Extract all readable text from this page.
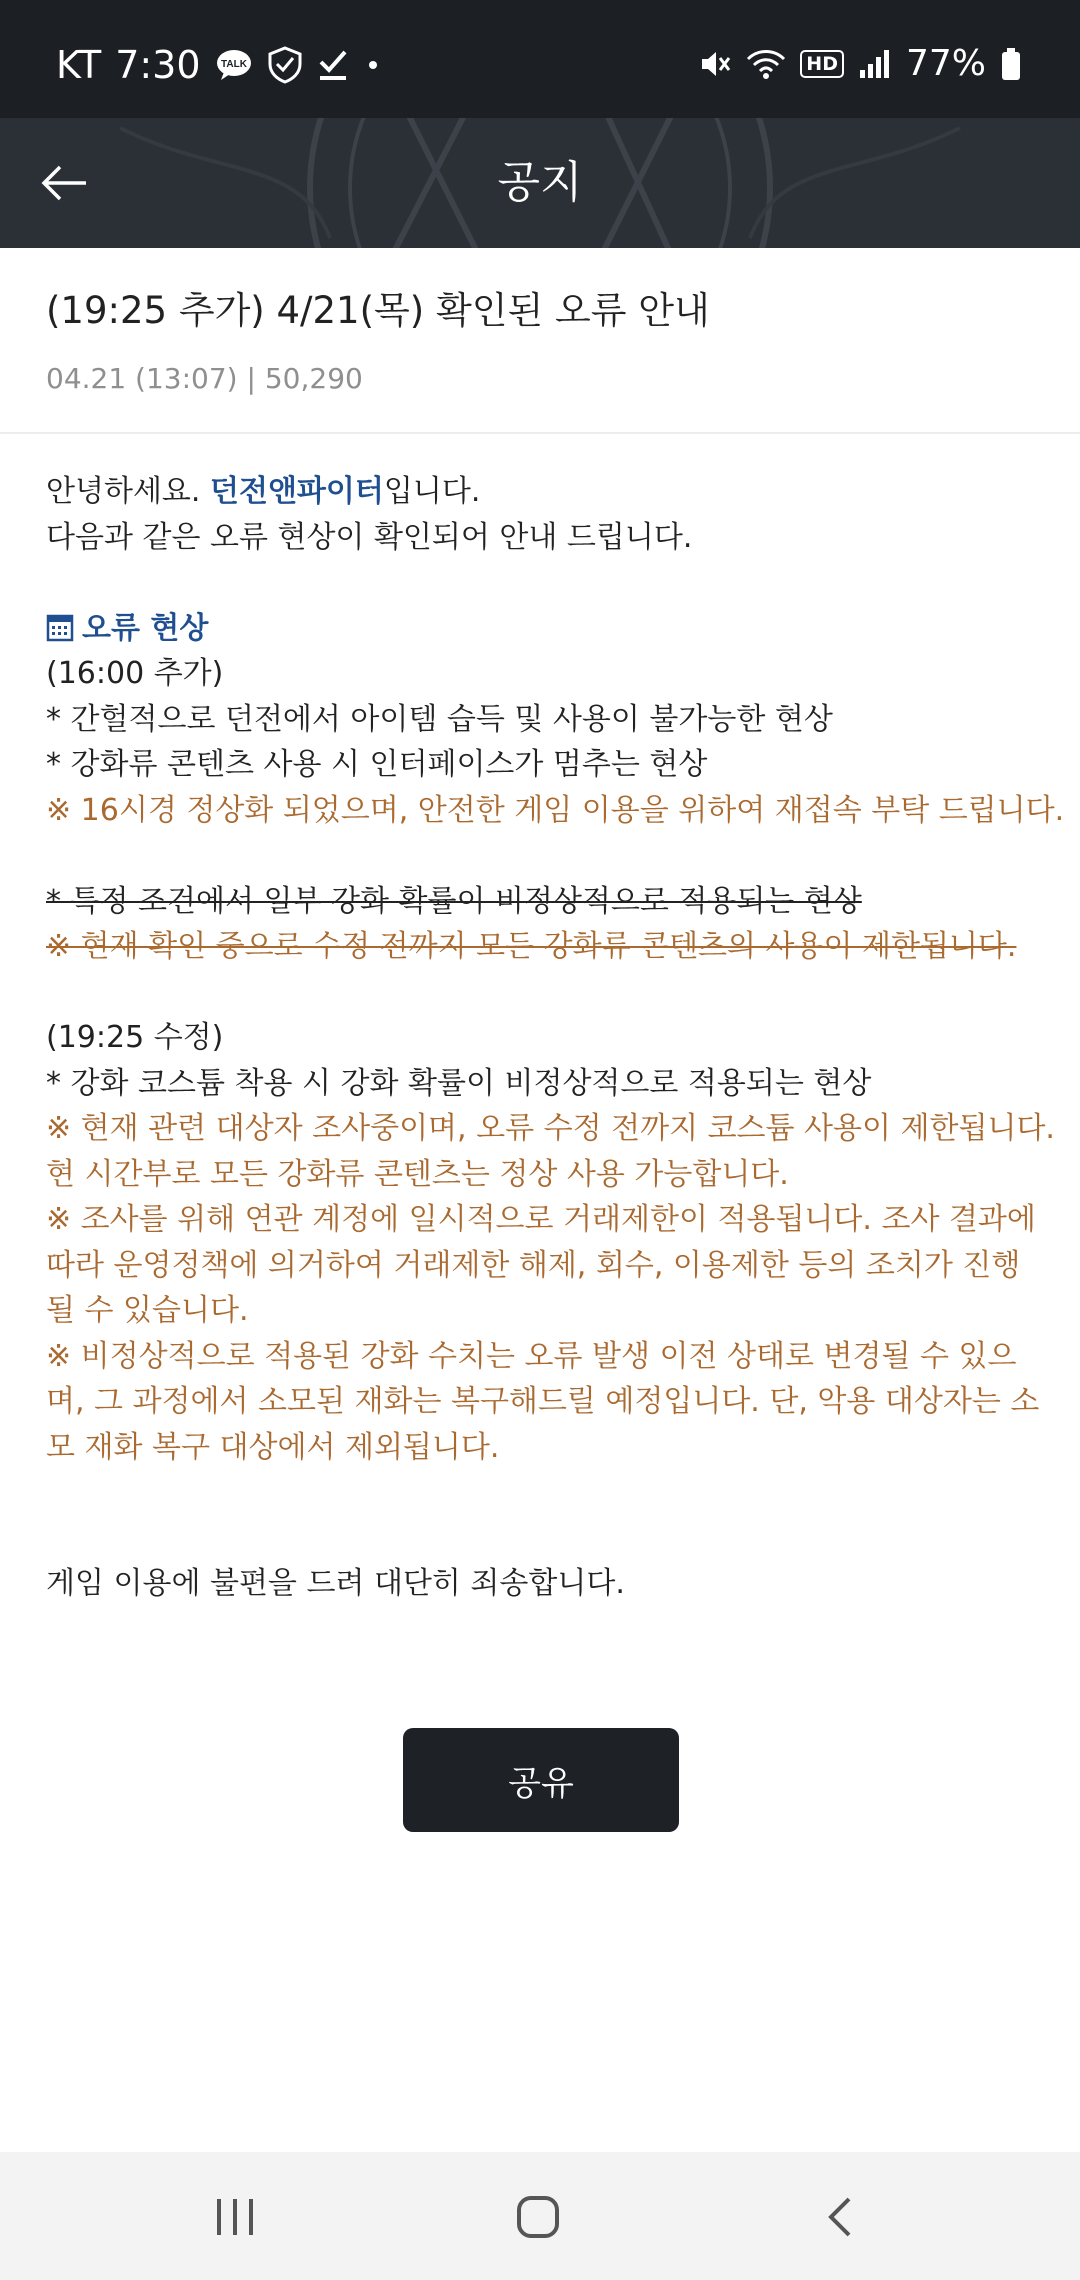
KT 7:30 TALK	HD 77%
공지
(19:25 추가) 4/21(목) 확인된 오류 안내
04.21 (13:07) | 50,290
안녕하세요. 던전앤파이터입니다.
다음과 같은 오류 현상이 확인되어 안내 드립니다.
오류 현상
(16:00 추가)
* 간헐적으로 던전에서 아이템 습득 및 사용이 불가능한 현상
* 강화류 콘텐츠 사용 시 인터페이스가 멈추는 현상
※ 16시경 정상화 되었으며, 안전한 게임 이용을 위하여 재접속 부탁 드립니다.
* 특정 조건에서 일부 강화 확률이 비정상적으로 적용되는 현상
※ 현재 확인 중으로 수정 전까지 모든 강화류 콘텐츠의 사용이 제한됩니다.
(19:25 수정)
* 강화 코스튬 착용 시 강화 확률이 비정상적으로 적용되는 현상
※ 현재 관련 대상자 조사중이며, 오류 수정 전까지 코스튬 사용이 제한됩니다.
현 시간부로 모든 강화류 콘텐츠는 정상 사용 가능합니다.
※ 조사를 위해 연관 계정에 일시적으로 거래제한이 적용됩니다. 조사 결과에 따라 운영정책에 의거하여 거래제한 해제, 회수, 이용제한 등의 조치가 진행될 수 있습니다.
※ 비정상적으로 적용된 강화 수치는 오류 발생 이전 상태로 변경될 수 있으며, 그 과정에서 소모된 재화는 복구해드릴 예정입니다. 단, 악용 대상자는 소모 재화 복구 대상에서 제외됩니다.
게임 이용에 불편을 드려 대단히 죄송합니다.
공유
